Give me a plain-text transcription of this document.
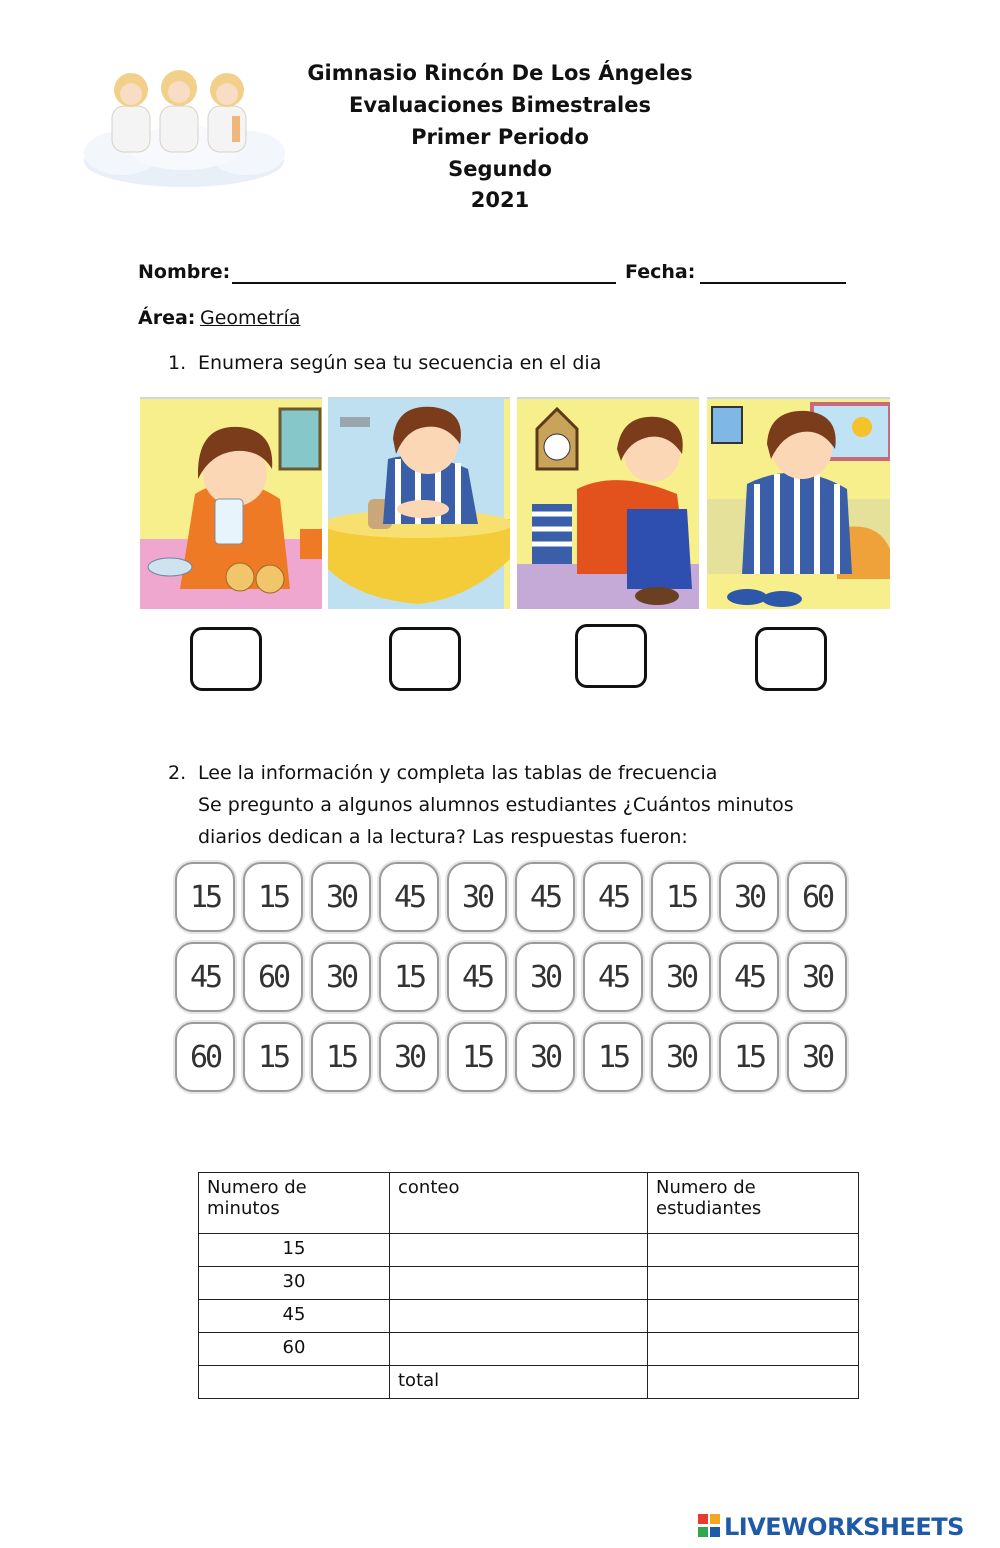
Gimnasio Rincón De Los Ángeles
Evaluaciones Bimestrales
Primer Periodo
Segundo
2021
Nombre:	Fecha:
Área: Geometría
1. Enumera según sea tu secuencia en el dia
2. Lee la información y completa las tablas de frecuencia
Se pregunto a algunos alumnos estudiantes ¿Cuántos minutos
diarios dedican a la lectura? Las respuestas fueron:
15	15	30	45	30	45	45	15	30	60
45	60	30	15	45	30	45	30	45	30
60	15	15	30	15	30	15	30	15	30
Numero de minutos	conteo	Numero de estudiantes
15		
30		
45		
60		
	total	
LIVEWORKSHEETS
